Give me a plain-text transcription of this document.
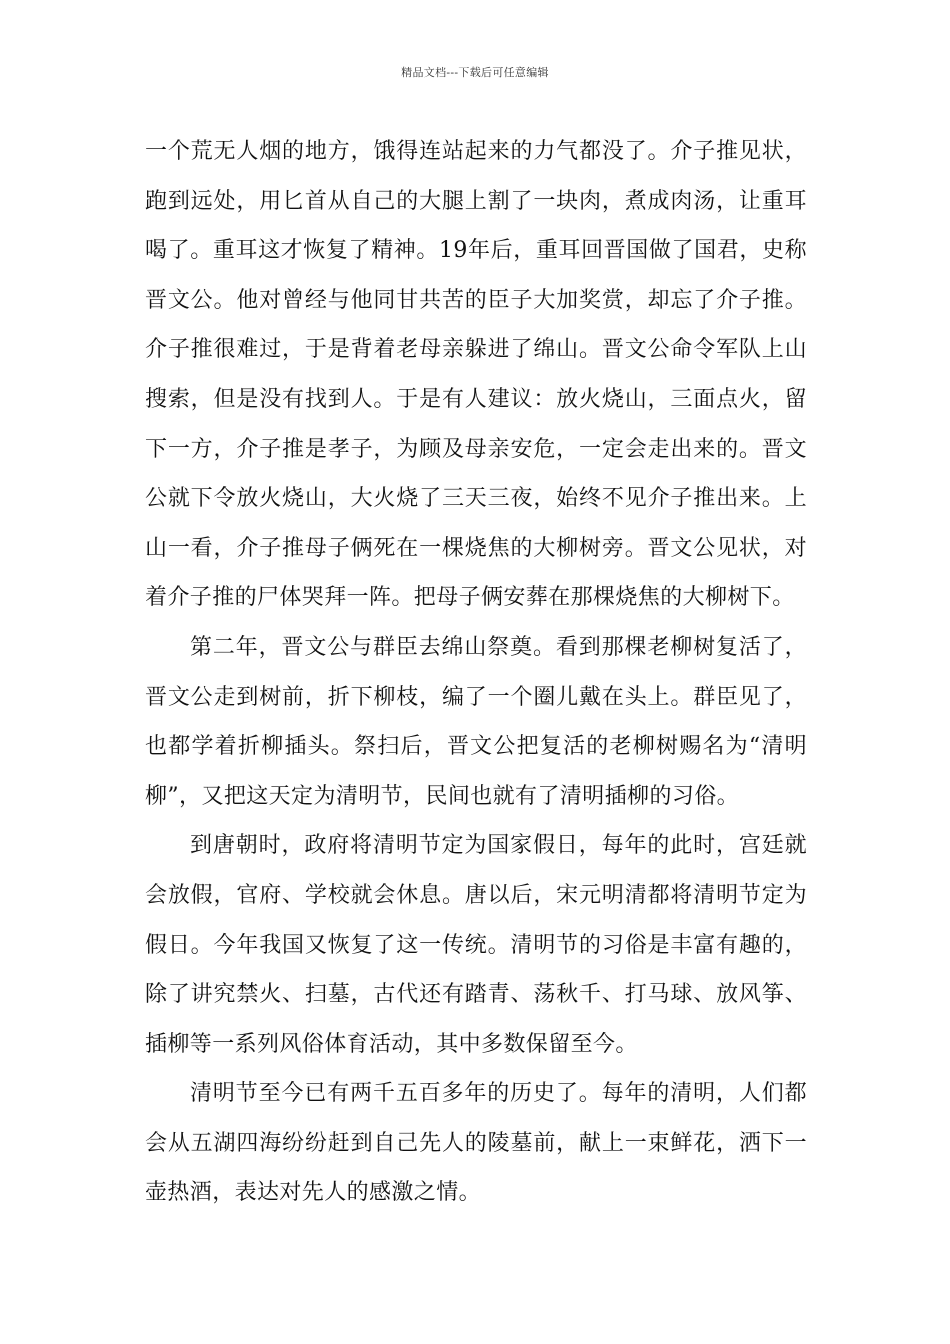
精品文档---下载后可任意编辑

一个荒无人烟的地方，饿得连站起来的力气都没了。介子推见状，跑到远处，用匕首从自己的大腿上割了一块肉，煮成肉汤，让重耳喝了。重耳这才恢复了精神。19年后，重耳回晋国做了国君，史称晋文公。他对曾经与他同甘共苦的臣子大加奖赏，却忘了介子推。介子推很难过，于是背着老母亲躲进了绵山。晋文公命令军队上山搜索，但是没有找到人。于是有人建议：放火烧山，三面点火，留下一方，介子推是孝子，为顾及母亲安危，一定会走出来的。晋文公就下令放火烧山，大火烧了三天三夜，始终不见介子推出来。上山一看，介子推母子俩死在一棵烧焦的大柳树旁。晋文公见状，对着介子推的尸体哭拜一阵。把母子俩安葬在那棵烧焦的大柳树下。

第二年，晋文公与群臣去绵山祭奠。看到那棵老柳树复活了，晋文公走到树前，折下柳枝，编了一个圈儿戴在头上。群臣见了，也都学着折柳插头。祭扫后，晋文公把复活的老柳树赐名为“清明柳”，又把这天定为清明节，民间也就有了清明插柳的习俗。

到唐朝时，政府将清明节定为国家假日，每年的此时，宫廷就会放假，官府、学校就会休息。唐以后，宋元明清都将清明节定为假日。今年我国又恢复了这一传统。清明节的习俗是丰富有趣的，除了讲究禁火、扫墓，古代还有踏青、荡秋千、打马球、放风筝、插柳等一系列风俗体育活动，其中多数保留至今。

清明节至今已有两千五百多年的历史了。每年的清明，人们都会从五湖四海纷纷赶到自己先人的陵墓前，献上一束鲜花，洒下一壶热酒，表达对先人的感激之情。
